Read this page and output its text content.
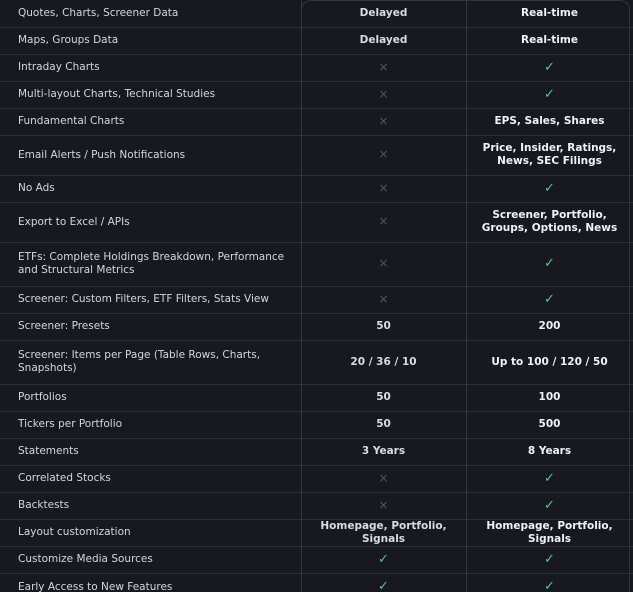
Quotes, Charts, Screener Data	Delayed	Real-time
Maps, Groups Data	Delayed	Real-time
Intraday Charts	×	✓
Multi-layout Charts, Technical Studies	×	✓
Fundamental Charts	×	EPS, Sales, Shares
Email Alerts / Push Notifications	×	Price, Insider, Ratings, News, SEC Filings
No Ads	×	✓
Export to Excel / APIs	×	Screener, Portfolio, Groups, Options, News
ETFs: Complete Holdings Breakdown, Performance and Structural Metrics	×	✓
Screener: Custom Filters, ETF Filters, Stats View	×	✓
Screener: Presets	50	200
Screener: Items per Page (Table Rows, Charts, Snapshots)	20 / 36 / 10	Up to 100 / 120 / 50
Portfolios	50	100
Tickers per Portfolio	50	500
Statements	3 Years	8 Years
Correlated Stocks	×	✓
Backtests	×	✓
Layout customization	Homepage, Portfolio, Signals	Homepage, Portfolio, Signals
Customize Media Sources	✓	✓
Early Access to New Features	✓	✓
